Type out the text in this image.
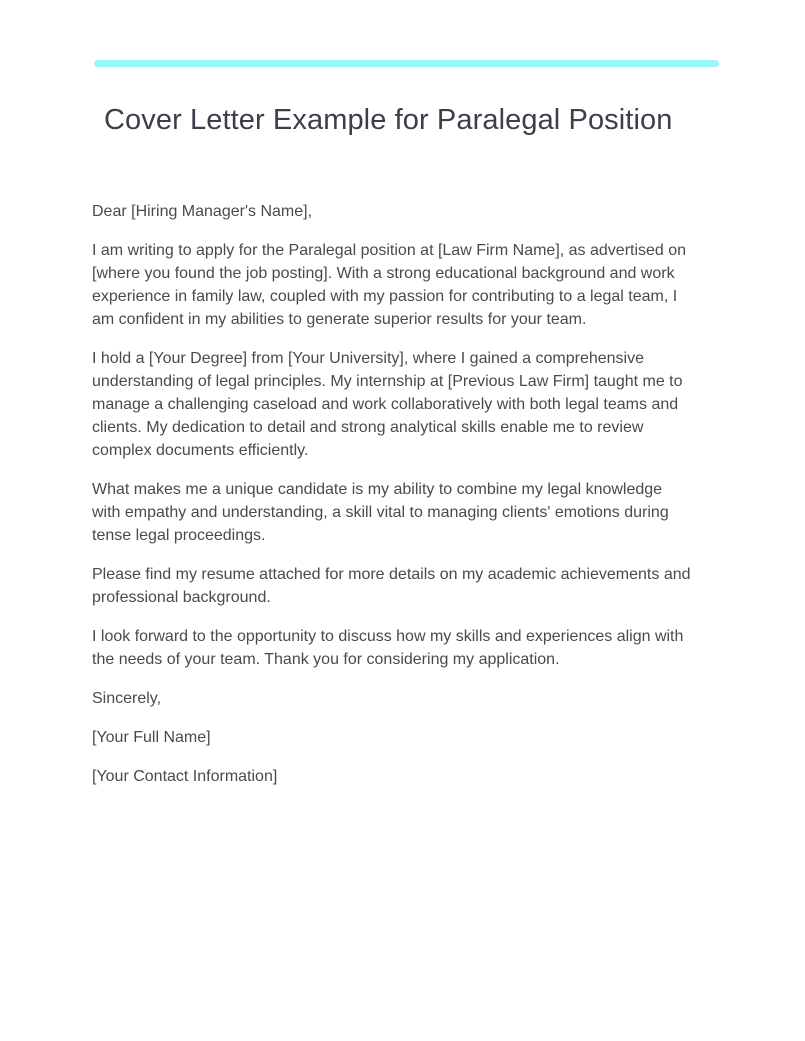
Cover Letter Example for Paralegal Position

Dear [Hiring Manager's Name],

I am writing to apply for the Paralegal position at [Law Firm Name], as advertised on [where you found the job posting]. With a strong educational background and work experience in family law, coupled with my passion for contributing to a legal team, I am confident in my abilities to generate superior results for your team.

I hold a [Your Degree] from [Your University], where I gained a comprehensive understanding of legal principles. My internship at [Previous Law Firm] taught me to manage a challenging caseload and work collaboratively with both legal teams and clients. My dedication to detail and strong analytical skills enable me to review complex documents efficiently.

What makes me a unique candidate is my ability to combine my legal knowledge with empathy and understanding, a skill vital to managing clients' emotions during tense legal proceedings.

Please find my resume attached for more details on my academic achievements and professional background.

I look forward to the opportunity to discuss how my skills and experiences align with the needs of your team. Thank you for considering my application.

Sincerely,

[Your Full Name]

[Your Contact Information]
